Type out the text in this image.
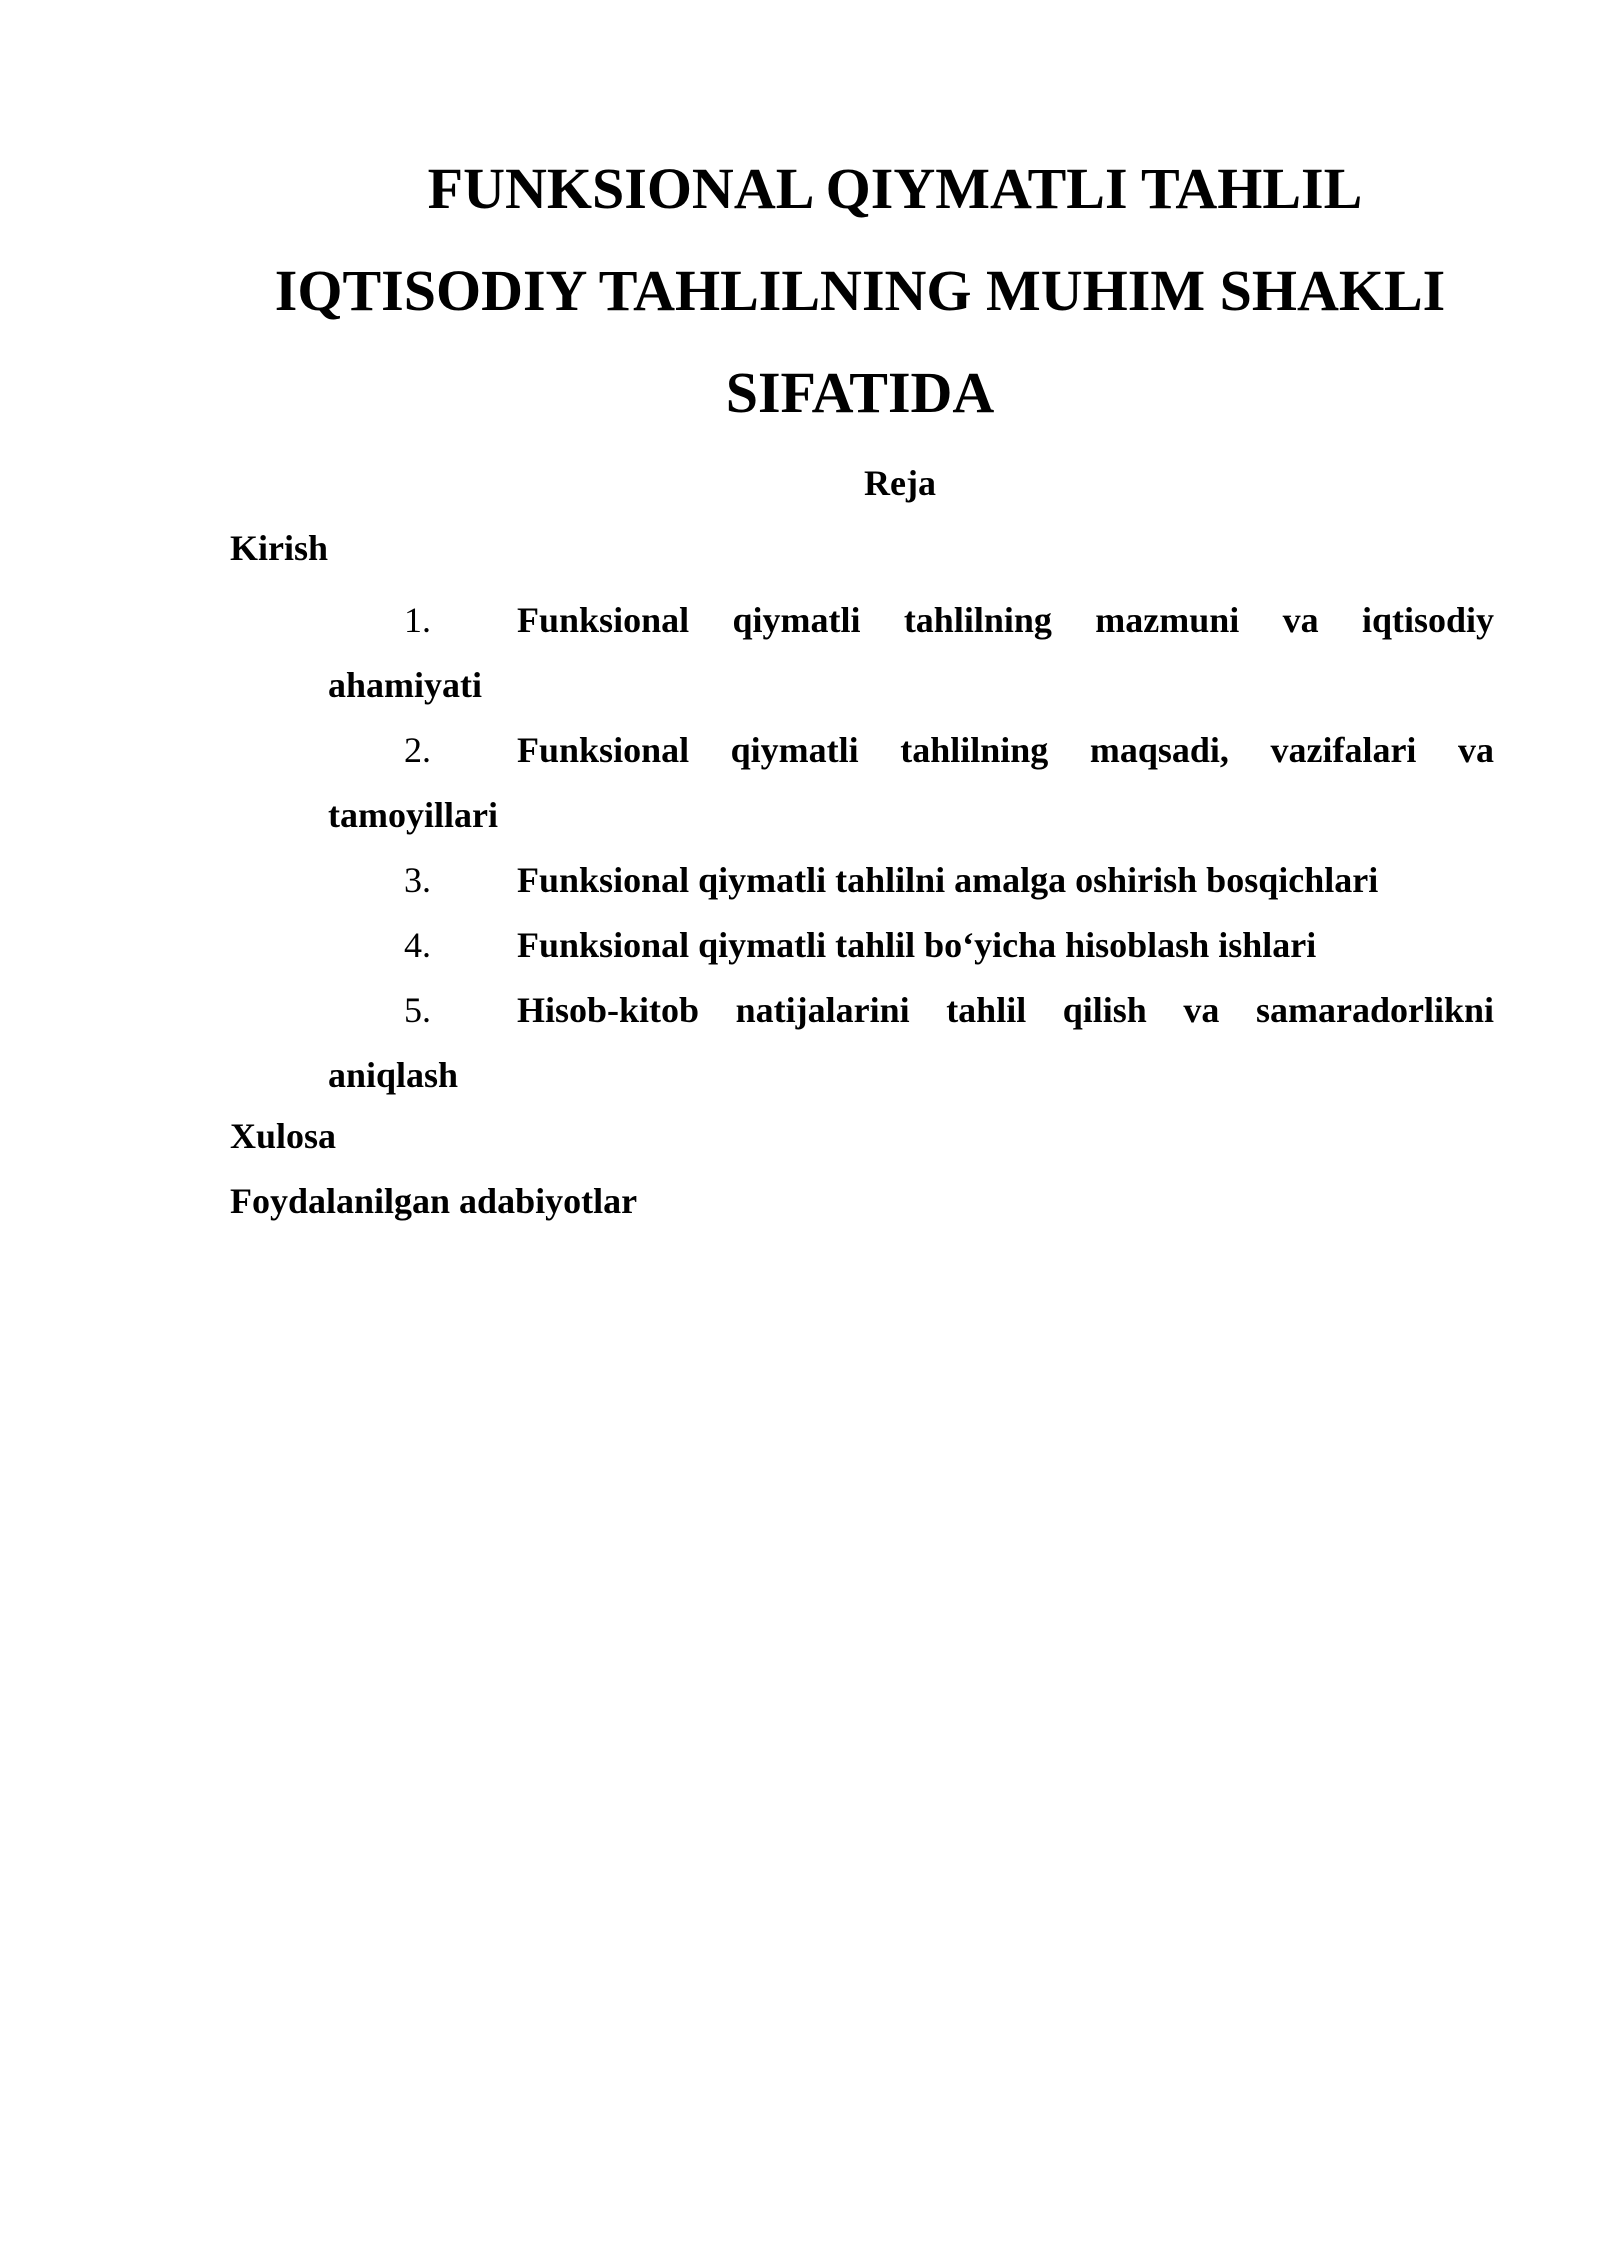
FUNKSIONAL QIYMATLI TAHLIL
IQTISODIY TAHLILNING MUHIM SHAKLI
SIFATIDA
Reja
Kirish
1. Funksional qiymatli tahlilning mazmuni va iqtisodiy
ahamiyati
2. Funksional qiymatli tahlilning maqsadi, vazifalari va
tamoyillari
3. Funksional qiymatli tahlilni amalga oshirish bosqichlari
4. Funksional qiymatli tahlil bo‘yicha hisoblash ishlari
5. Hisob-kitob natijalarini tahlil qilish va samaradorlikni
aniqlash
Xulosa
Foydalanilgan adabiyotlar
